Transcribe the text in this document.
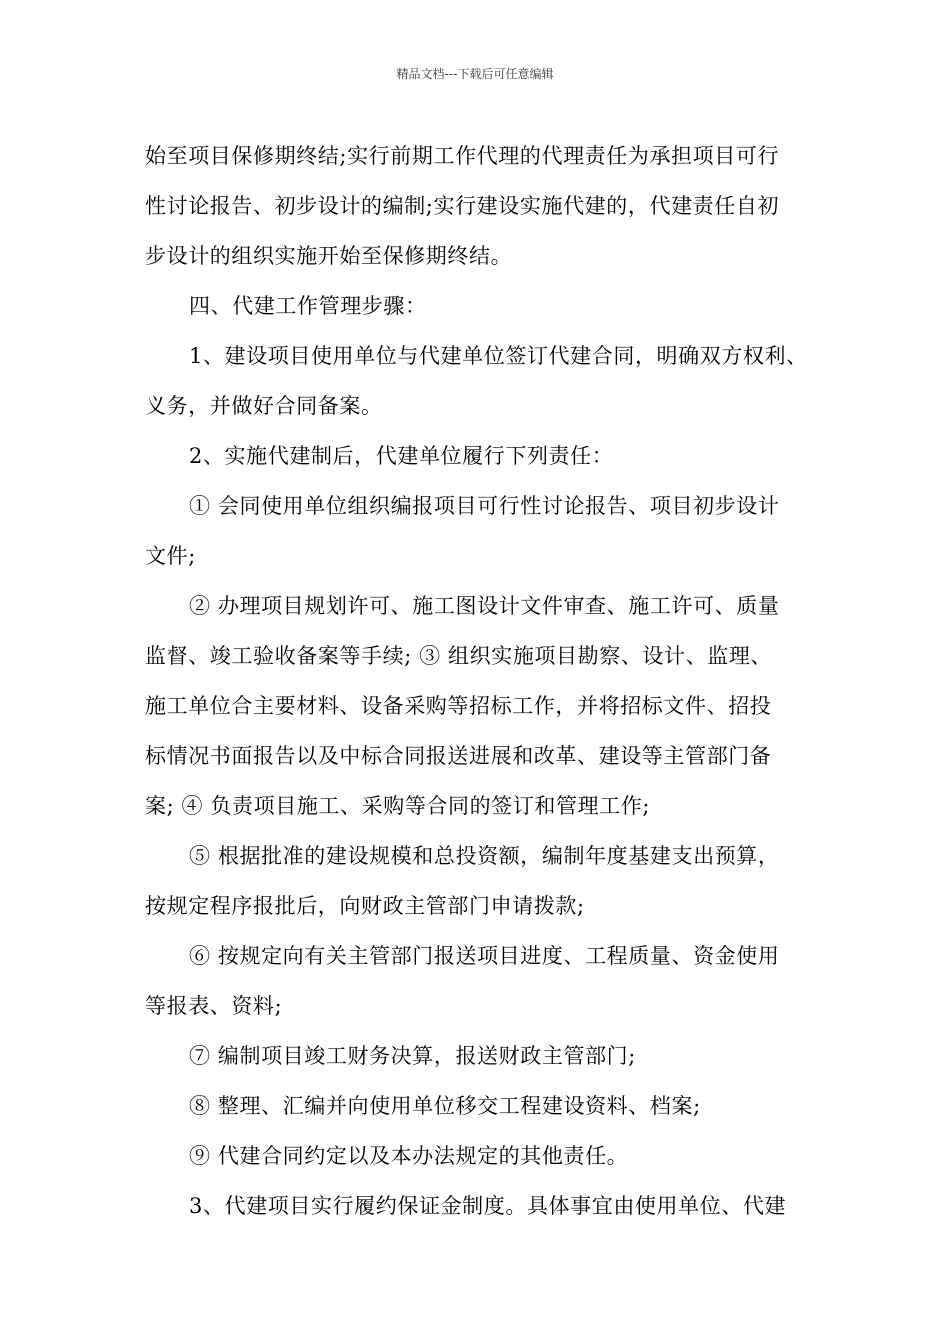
精品文档---下载后可任意编辑
始至项目保修期终结;实行前期工作代理的代理责任为承担项目可行
性讨论报告、初步设计的编制;实行建设实施代建的，代建责任自初
步设计的组织实施开始至保修期终结。
四、代建工作管理步骤：
1、建设项目使用单位与代建单位签订代建合同，明确双方权利、
义务，并做好合同备案。
2、实施代建制后，代建单位履行下列责任：
① 会同使用单位组织编报项目可行性讨论报告、项目初步设计
文件;
② 办理项目规划许可、施工图设计文件审查、施工许可、质量
监督、竣工验收备案等手续; ③ 组织实施项目勘察、设计、监理、
施工单位合主要材料、设备采购等招标工作，并将招标文件、招投
标情况书面报告以及中标合同报送进展和改革、建设等主管部门备
案; ④ 负责项目施工、采购等合同的签订和管理工作;
⑤ 根据批准的建设规模和总投资额，编制年度基建支出预算，
按规定程序报批后，向财政主管部门申请拨款;
⑥ 按规定向有关主管部门报送项目进度、工程质量、资金使用
等报表、资料;
⑦ 编制项目竣工财务决算，报送财政主管部门;
⑧ 整理、汇编并向使用单位移交工程建设资料、档案;
⑨ 代建合同约定以及本办法规定的其他责任。
3、代建项目实行履约保证金制度。具体事宜由使用单位、代建
